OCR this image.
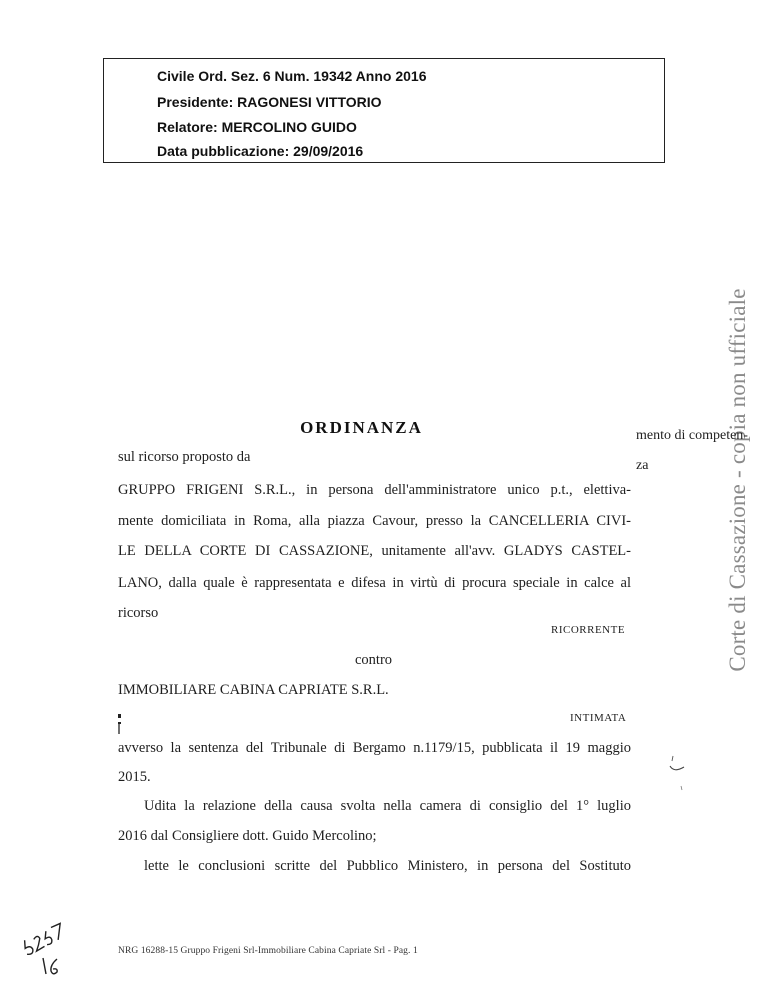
Civile Ord. Sez. 6 Num. 19342 Anno 2016
Presidente: RAGONESI VITTORIO
Relatore: MERCOLINO GUIDO
Data pubblicazione: 29/09/2016
Corte di Cassazione - copia non ufficiale
ORDINANZA	mento di competen-
za
sul ricorso proposto da
GRUPPO FRIGENI S.R.L., in persona dell'amministratore unico p.t., elettiva-
mente domiciliata in Roma, alla piazza Cavour, presso la CANCELLERIA CIVI-
LE DELLA CORTE DI CASSAZIONE, unitamente all'avv. GLADYS CASTEL-
LANO, dalla quale è rappresentata e difesa in virtù di procura speciale in calce al
ricorso
RICORRENTE
contro
IMMOBILIARE CABINA CAPRIATE S.R.L.
INTIMATA
avverso la sentenza del Tribunale di Bergamo n.1179/15, pubblicata il 19 maggio
2015.
Udita la relazione della causa svolta nella camera di consiglio del 1° luglio
2016 dal Consigliere dott. Guido Mercolino;
lette le conclusioni scritte del Pubblico Ministero, in persona del Sostituto
NRG 16288-15 Gruppo Frigeni Srl-Immobiliare Cabina Capriate Srl - Pag. 1
